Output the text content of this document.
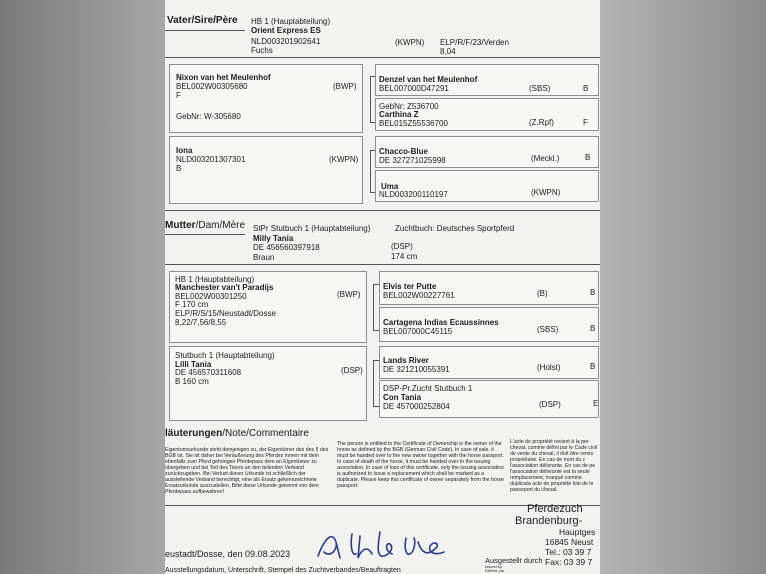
Vater/Sire/Père HB 1 (Hauptabteilung)
Orient Express ES
NLD003201902641	(KWPN) ELP/R/F/23/Verden
Fuchs	8,04
Nixon van het Meulenhof
BEL002W00305680	(BWP)
F
GebNr: W-305680
Iona
NLD003201307301	(KWPN)
B
Denzel van het Meulenhof
BEL007000D47291	(SBS)	B
GebNr: Z536700
Carthina Z
BEL015Z55536700	(Z.Rpf)	F
Chacco-Blue
DE 327271025998	(Meckl.)	B
Uma
NLD003200110197	(KWPN)
Mutter/Dam/Mère StPr Stutbuch 1 (Hauptabteilung)	Zuchtbuch: Deutsches Sportpferd
Milly Tania
DE 456560397918	(DSP)
Braun	174 cm
HB 1 (Hauptabteilung)
Manchester van't Paradijs
BEL002W00301250	(BWP)
F 170 cm
ELP/R/S/15/Neustadt/Dosse
8,22/7,56/8,55
Stutbuch 1 (Hauptabteilung)
Lilli Tania
DE 456570311608	(DSP)
B 160 cm
Elvis ter Putte
BEL002W00227761	(B)	B
Cartagena Indias Ecaussinnes
BEL007000C45115	(SBS)	B
Lands River
DE 321210055391	(Holst)	B
DSP-Pr.Zucht Stutbuch 1
Con Tania
DE 457000252804	(DSP)	E
läuterungen/Note/Commentaire
Eigentumsurkunde steht demjenigen zu, der Eigentümer des des § des BGB ist. Sie ist daher bei Veräußerung des Pferdes mmen mit dem ebenfalls zum Pferd gehörigen Pferdepass dem en Eigentümer zu übergeben und bei Tod des Tieres an den teilenden Verband zurückzugeben. Bei Verlust dieser Urkunde ist schließlich der ausstellende Verband berechtigt, eine als Ersatz gekennzeichnete Ersatzurkunde auszustellen. Bitte diese Urkunde getrennt von dem Pferdepass aufbewahren!
The person is entitled to the Certificate of Ownership is the owner of the horse as defined by the BGB (German Civil Code). In case of sale, it must be handed over to the new owner together with the horse passport. In case of death of the horse, it must be handed over to the issuing association. In case of loss of this certificate, only the issuing association is authorized to issue a replacement which shall be marked as a duplicate. Please keep this certificate of owner separately from the horse passport.
L'acte de propriété revient à la per cheval, comme défini par le Code civil de vente du cheval, il doit être remis propriétaire. En cas de mort du c l'association délivrante. En cas de pe l'association délivrante est la seule remplacement, marqué comme duplicata acte de propriété loin de le passeport du cheval.
eustadt/Dosse, den 09.08.2023
Ausstellungsdatum, Unterschrift, Stempel des Zuchtverbandes/Beauftragten
Ausgestellt durch
Issued by
Délivré par
Pferdezuch
Brandenburg-
Hauptges
16845 Neust
Tel.: 03 39 7
Fax: 03 39 7
